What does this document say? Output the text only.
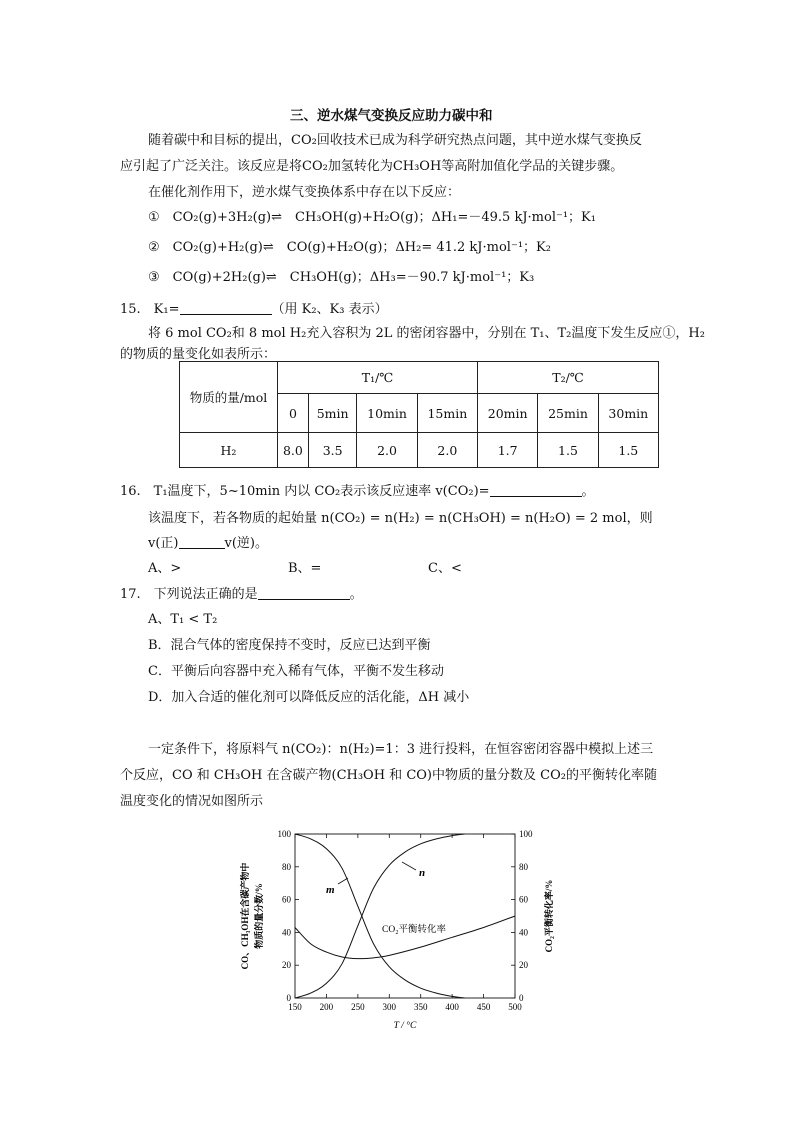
三、逆水煤气变换反应助力碳中和
随着碳中和目标的提出，CO₂回收技术已成为科学研究热点问题，其中逆水煤气变换反
应引起了广泛关注。该反应是将CO₂加氢转化为CH₃OH等高附加值化学品的关键步骤。
在催化剂作用下，逆水煤气变换体系中存在以下反应：
①　 CO₂(g)+3H₂(g)⇌　CH₃OH(g)+H₂O(g)；ΔH₁=－49.5 kJ·mol⁻¹；K₁
②　 CO₂(g)+H₂(g)⇌　CO(g)+H₂O(g)；ΔH₂= 41.2 kJ·mol⁻¹；K₂
③　 CO(g)+2H₂(g)⇌　CH₃OH(g)；ΔH₃=－90.7 kJ·mol⁻¹；K₃
15.　K₁=	（用 K₂、K₃ 表示）
将 6 mol CO₂和 8 mol H₂充入容积为 2L 的密闭容器中，分别在 T₁、T₂温度下发生反应①，H₂
的物质的量变化如表所示：
物质的量/mol	T₁/℃				T₂/℃		
	0	5min	10min	15min	20min	25min	30min
H₂	8.0	3.5	2.0	2.0	1.7	1.5	1.5
16.　T₁温度下，5~10min 内以 CO₂表示该反应速率 v(CO₂)=	。
该温度下，若各物质的起始量 n(CO₂) = n(H₂) = n(CH₃OH) = n(H₂O) = 2 mol，则
v(正)	v(逆)。
A、>	B、=	C、<
17.　下列说法正确的是	。
A、T₁ < T₂
B．混合气体的密度保持不变时，反应已达到平衡
C．平衡后向容器中充入稀有气体，平衡不发生移动
D．加入合适的催化剂可以降低反应的活化能，ΔH 减小
一定条件下，将原料气 n(CO₂)：n(H₂)=1：3 进行投料，在恒容密闭容器中模拟上述三
个反应，CO 和 CH₃OH 在含碳产物(CH₃OH 和 CO)中物质的量分数及 CO₂的平衡转化率随
温度变化的情况如图所示
150 200 250 300 350 400 450 500
0	0
20	20
40	40
60	60
80	80
100	100
m
n
CO₂平衡转化率
T / °C
CO、CH₃OH在含碳产物中 物质的量分数/%	CO₂平衡转化率/%
